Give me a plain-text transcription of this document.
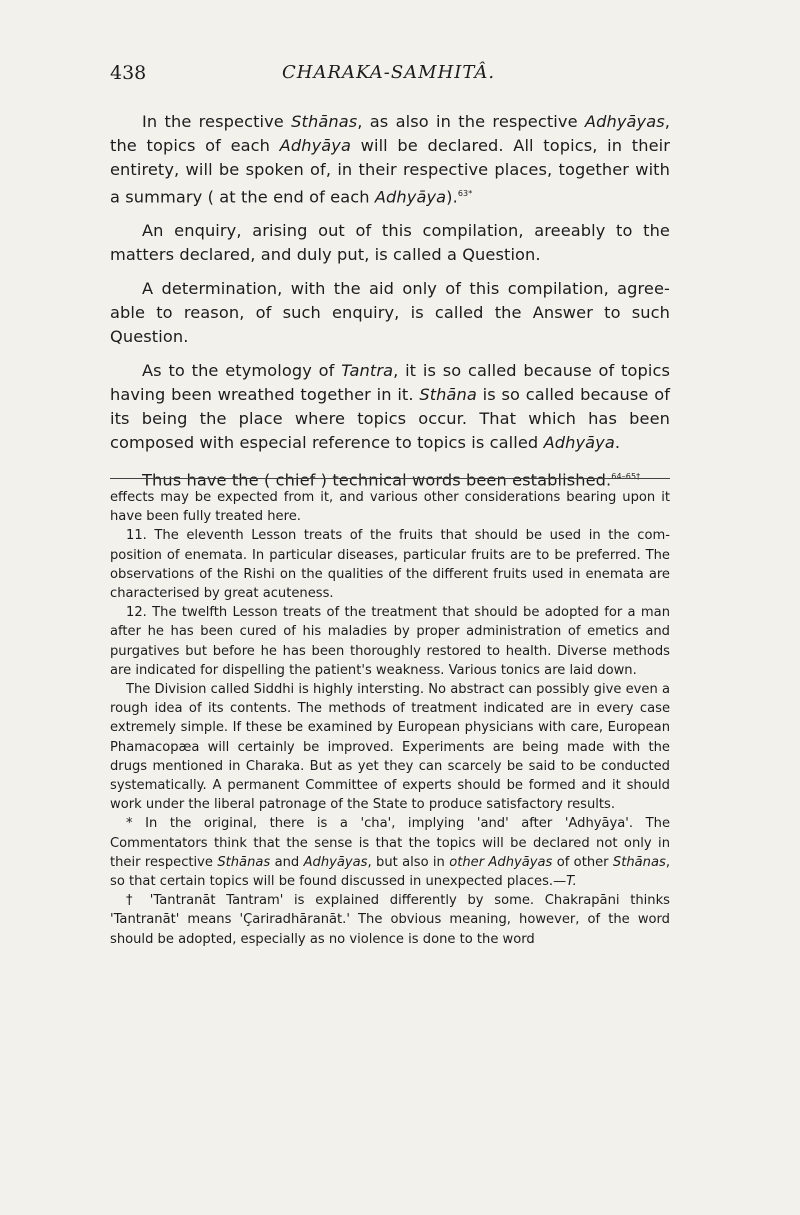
438	CHARAKA-SAMHITÂ.

In the respective Sthānas, as also in the respective Adhyāyas, the topics of each Adhyāya will be declared. All topics, in their entirety, will be spoken of, in their respective places, together with a summary ( at the end of each Adhyāya).$^{63*}$

An enquiry, arising out of this compilation, areeably to the matters declared, and duly put, is called a Question.

A determination, with the aid only of this compilation, agree-able to reason, of such enquiry, is called the Answer to such Question.

As to the etymology of Tantra, it is so called because of topics having been wreathed together in it. Sthāna is so called because of its being the place where topics occur. That which has been composed with especial reference to topics is called Adhyāya.

Thus have the ( chief ) technical words been established.$^{64-65\dagger}$

effects may be expected from it, and various other considerations bearing upon it have been fully treated here.

11. The eleventh Lesson treats of the fruits that should be used in the com-position of enemata. In particular diseases, particular fruits are to be preferred. The observations of the Rishi on the qualities of the different fruits used in enemata are characterised by great acuteness.

12. The twelfth Lesson treats of the treatment that should be adopted for a man after he has been cured of his maladies by proper administration of emetics and purgatives but before he has been thoroughly restored to health. Diverse methods are indicated for dispelling the patient's weakness. Various tonics are laid down.

The Division called Siddhi is highly intersting. No abstract can possibly give even a rough idea of its contents. The methods of treatment indicated are in every case extremely simple. If these be examined by European physicians with care, European Phamacopæa will certainly be improved. Experiments are being made with the drugs mentioned in Charaka. But as yet they can scarcely be said to be conducted systematically. A permanent Committee of experts should be formed and it should work under the liberal patronage of the State to produce satisfactory results.

* In the original, there is a 'cha', implying 'and' after 'Adhyāya'. The Commentators think that the sense is that the topics will be declared not only in their respective Sthānas and Adhyāyas, but also in other Adhyāyas of other Sthānas, so that certain topics will be found discussed in unexpected places.—T.

† 'Tantranāt Tantram' is explained differently by some. Chakrapāni thinks 'Tantranāt' means 'Çariradhāranāt.' The obvious meaning, however, of the word should be adopted, especially as no violence is done to the word
